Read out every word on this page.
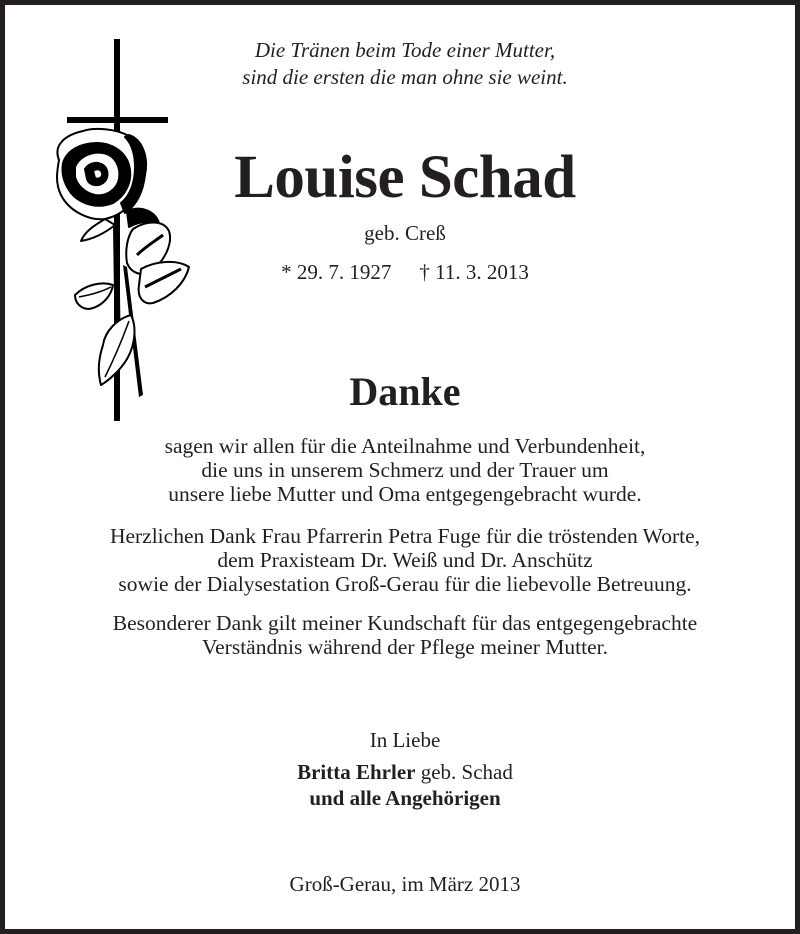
Die Tränen beim Tode einer Mutter,
sind die ersten die man ohne sie weint.
Louise Schad
geb. Creß
* 29. 7. 1927 † 11. 3. 2013
Danke
sagen wir allen für die Anteilnahme und Verbundenheit,
die uns in unserem Schmerz und der Trauer um
unsere liebe Mutter und Oma entgegengebracht wurde.
Herzlichen Dank Frau Pfarrerin Petra Fuge für die tröstenden Worte,
dem Praxisteam Dr. Weiß und Dr. Anschütz
sowie der Dialysestation Groß-Gerau für die liebevolle Betreuung.
Besonderer Dank gilt meiner Kundschaft für das entgegengebrachte
Verständnis während der Pflege meiner Mutter.
In Liebe
Britta Ehrler geb. Schad
und alle Angehörigen
Groß-Gerau, im März 2013
